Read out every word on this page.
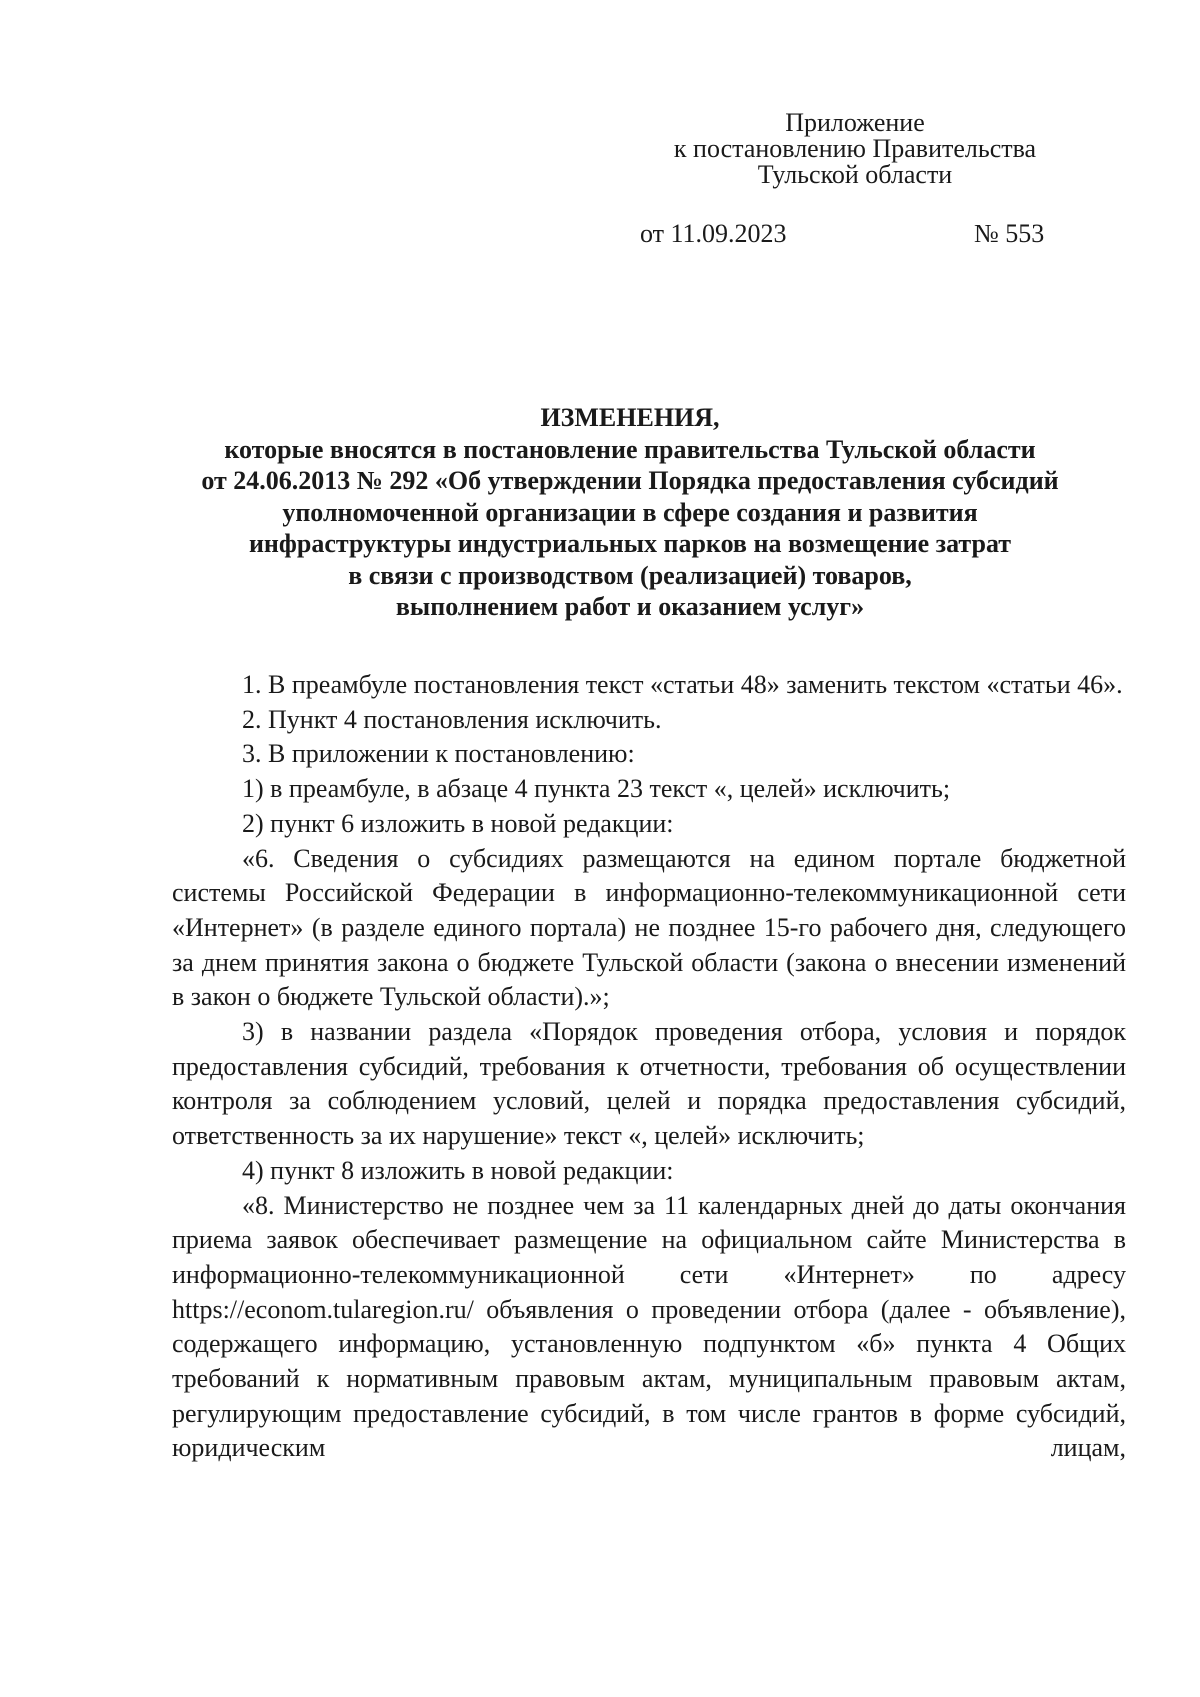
Приложение
к постановлению Правительства
Тульской области
от 11.09.2023	№ 553
ИЗМЕНЕНИЯ,
которые вносятся в постановление правительства Тульской области
от 24.06.2013 № 292 «Об утверждении Порядка предоставления субсидий
уполномоченной организации в сфере создания и развития
инфраструктуры индустриальных парков на возмещение затрат
в связи с производством (реализацией) товаров,
выполнением работ и оказанием услуг»

1. В преамбуле постановления текст «статьи 48» заменить текстом «статьи 46».

2. Пункт 4 постановления исключить.

3. В приложении к постановлению:

1) в преамбуле, в абзаце 4 пункта 23 текст «, целей» исключить;

2) пункт 6 изложить в новой редакции:

«6. Сведения о субсидиях размещаются на едином портале бюджетной системы Российской Федерации в информационно-телекоммуникационной сети «Интернет» (в разделе единого портала) не позднее 15-го рабочего дня, следующего за днем принятия закона о бюджете Тульской области (закона о внесении изменений в закон о бюджете Тульской области).»;

3) в названии раздела «Порядок проведения отбора, условия и порядок предоставления субсидий, требования к отчетности, требования об осуществлении контроля за соблюдением условий, целей и порядка предоставления субсидий, ответственность за их нарушение» текст «, целей» исключить;

4) пункт 8 изложить в новой редакции:

«8. Министерство не позднее чем за 11 календарных дней до даты окончания приема заявок обеспечивает размещение на официальном сайте Министерства в информационно-телекоммуникационной сети «Интернет» по адресу https://econom.tularegion.ru/ объявления о проведении отбора (далее - объявление), содержащего информацию, установленную подпунктом «б» пункта 4 Общих требований к нормативным правовым актам, муниципальным правовым актам, регулирующим предоставление субсидий, в том числе грантов в форме субсидий, юридическим лицам,
